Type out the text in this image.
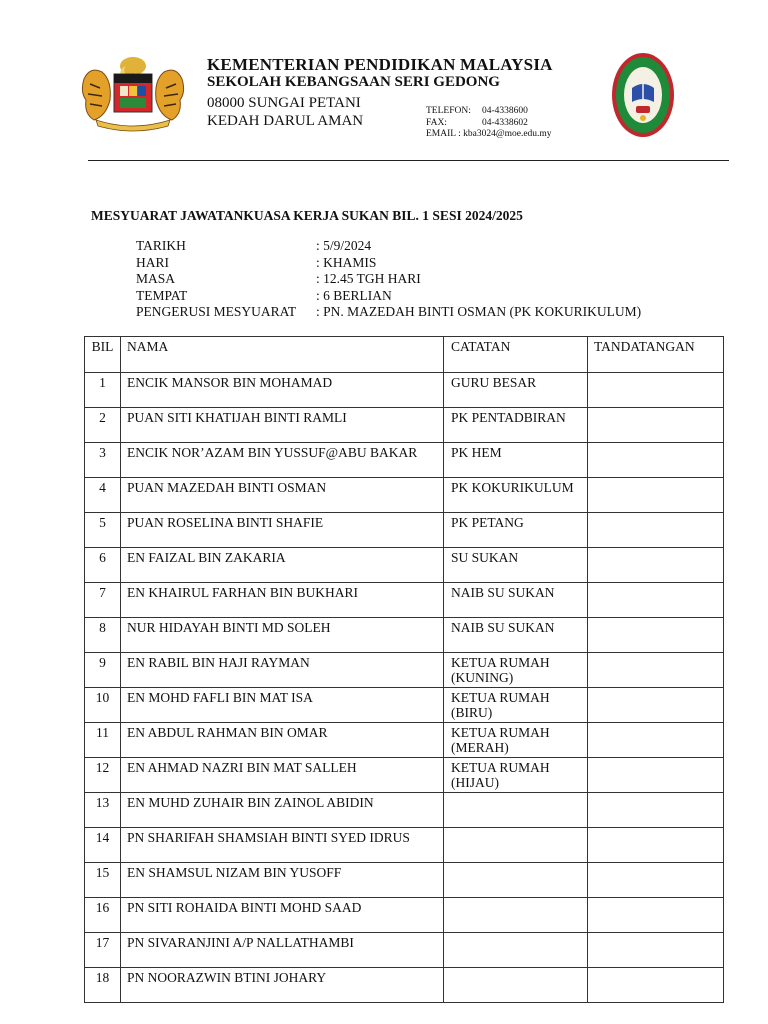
KEMENTERIAN PENDIDIKAN MALAYSIA
SEKOLAH KEBANGSAAN SERI GEDONG
08000 SUNGAI PETANI
KEDAH DARUL AMAN
TELEFON: 04-4338600
FAX:	04-4338602
EMAIL : kba3024@moe.edu.my
MESYUARAT JAWATANKUASA KERJA SUKAN BIL. 1 SESI 2024/2025
TARIKH	: 5/9/2024
HARI	: KHAMIS
MASA	: 12.45 TGH HARI
TEMPAT	: 6 BERLIAN
PENGERUSI MESYUARAT : PN. MAZEDAH BINTI OSMAN (PK KOKURIKULUM)
BIL	NAMA	CATATAN	TANDATANGAN
1	ENCIK MANSOR BIN MOHAMAD	GURU BESAR	

2	PUAN SITI KHATIJAH BINTI RAMLI	PK PENTADBIRAN	

3	ENCIK NOR’AZAM BIN YUSSUF@ABU BAKAR	PK HEM	

4	PUAN MAZEDAH BINTI OSMAN	PK KOKURIKULUM	

5	PUAN ROSELINA BINTI SHAFIE	PK PETANG	

6	EN FAIZAL BIN ZAKARIA	SU SUKAN	

7	EN KHAIRUL FARHAN BIN BUKHARI	NAIB SU SUKAN	

8	NUR HIDAYAH BINTI MD SOLEH	NAIB SU SUKAN	

9	EN RABIL BIN HAJI RAYMAN	KETUA RUMAH
(KUNING)	

10	EN MOHD FAFLI BIN MAT ISA	KETUA RUMAH
(BIRU)	

11	EN ABDUL RAHMAN BIN OMAR	KETUA RUMAH
(MERAH)	

12	EN AHMAD NAZRI BIN MAT SALLEH	KETUA RUMAH
(HIJAU)	

13	EN MUHD ZUHAIR BIN ZAINOL ABIDIN	

14	PN SHARIFAH SHAMSIAH BINTI SYED IDRUS	

15	EN SHAMSUL NIZAM BIN YUSOFF	

16	PN SITI ROHAIDA BINTI MOHD SAAD	

17	PN SIVARANJINI A/P NALLATHAMBI	

18	PN NOORAZWIN BTINI JOHARY	
